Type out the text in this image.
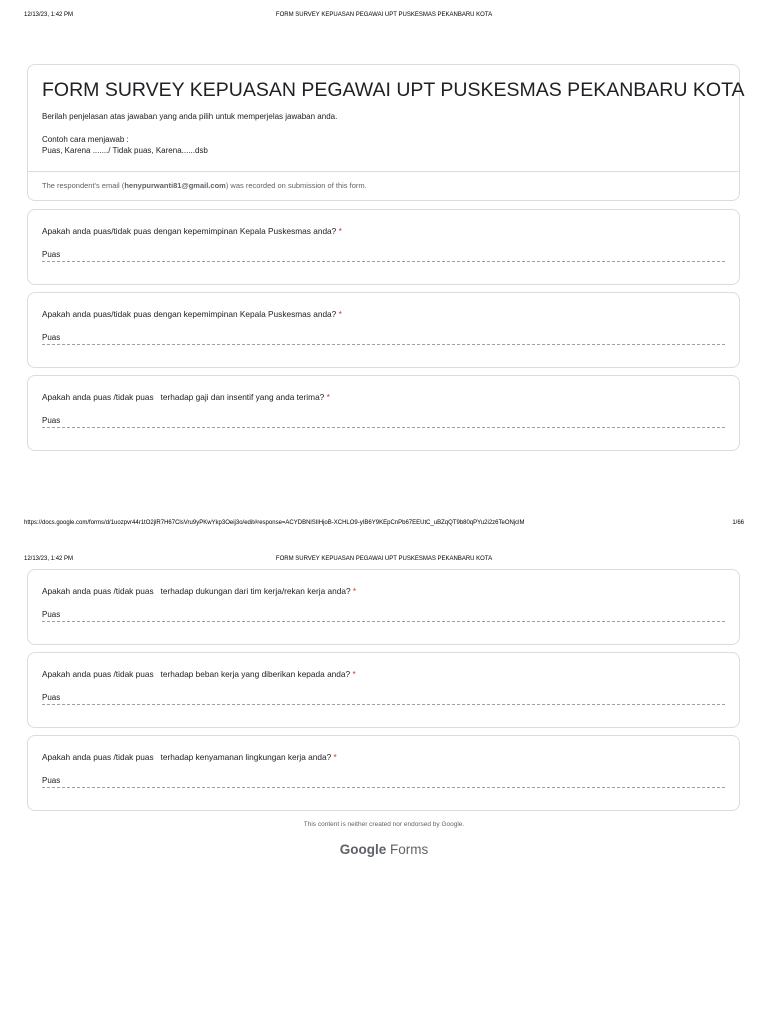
12/13/23, 1:42 PM	FORM SURVEY KEPUASAN PEGAWAI UPT PUSKESMAS PEKANBARU KOTA
FORM SURVEY KEPUASAN PEGAWAI UPT PUSKESMAS PEKANBARU KOTA

Berilah penjelasan atas jawaban yang anda pilih untuk memperjelas jawaban anda.

Contoh cara menjawab :

Puas, Karena ......./ Tidak puas, Karena......dsb

The respondent's email (henypurwanti81@gmail.com) was recorded on submission of this form.
Apakah anda puas/tidak puas dengan kepemimpinan Kepala Puskesmas anda? *
Puas
Apakah anda puas/tidak puas dengan kepemimpinan Kepala Puskesmas anda? *
Puas
Apakah anda puas /tidak puas   terhadap gaji dan insentif yang anda terima? *
Puas
https://docs.google.com/forms/d/1uozpvr44r1tO2jlR7H67ClsVru9yPKwYkp3Oeij3o/edit#response=ACYDBNlSIlHjoB-XCHLO9-yIB6Y9KEpCnPb67EEUtC_uBZqQT9b80qPYu2i2z6TeONjclM	1/66
12/13/23, 1:42 PM	FORM SURVEY KEPUASAN PEGAWAI UPT PUSKESMAS PEKANBARU KOTA
Apakah anda puas /tidak puas   terhadap dukungan dari tim kerja/rekan kerja anda? *
Puas
Apakah anda puas /tidak puas   terhadap beban kerja yang diberikan kepada anda? *
Puas
Apakah anda puas /tidak puas   terhadap kenyamanan lingkungan kerja anda? *
Puas
This content is neither created nor endorsed by Google.
Google Forms
